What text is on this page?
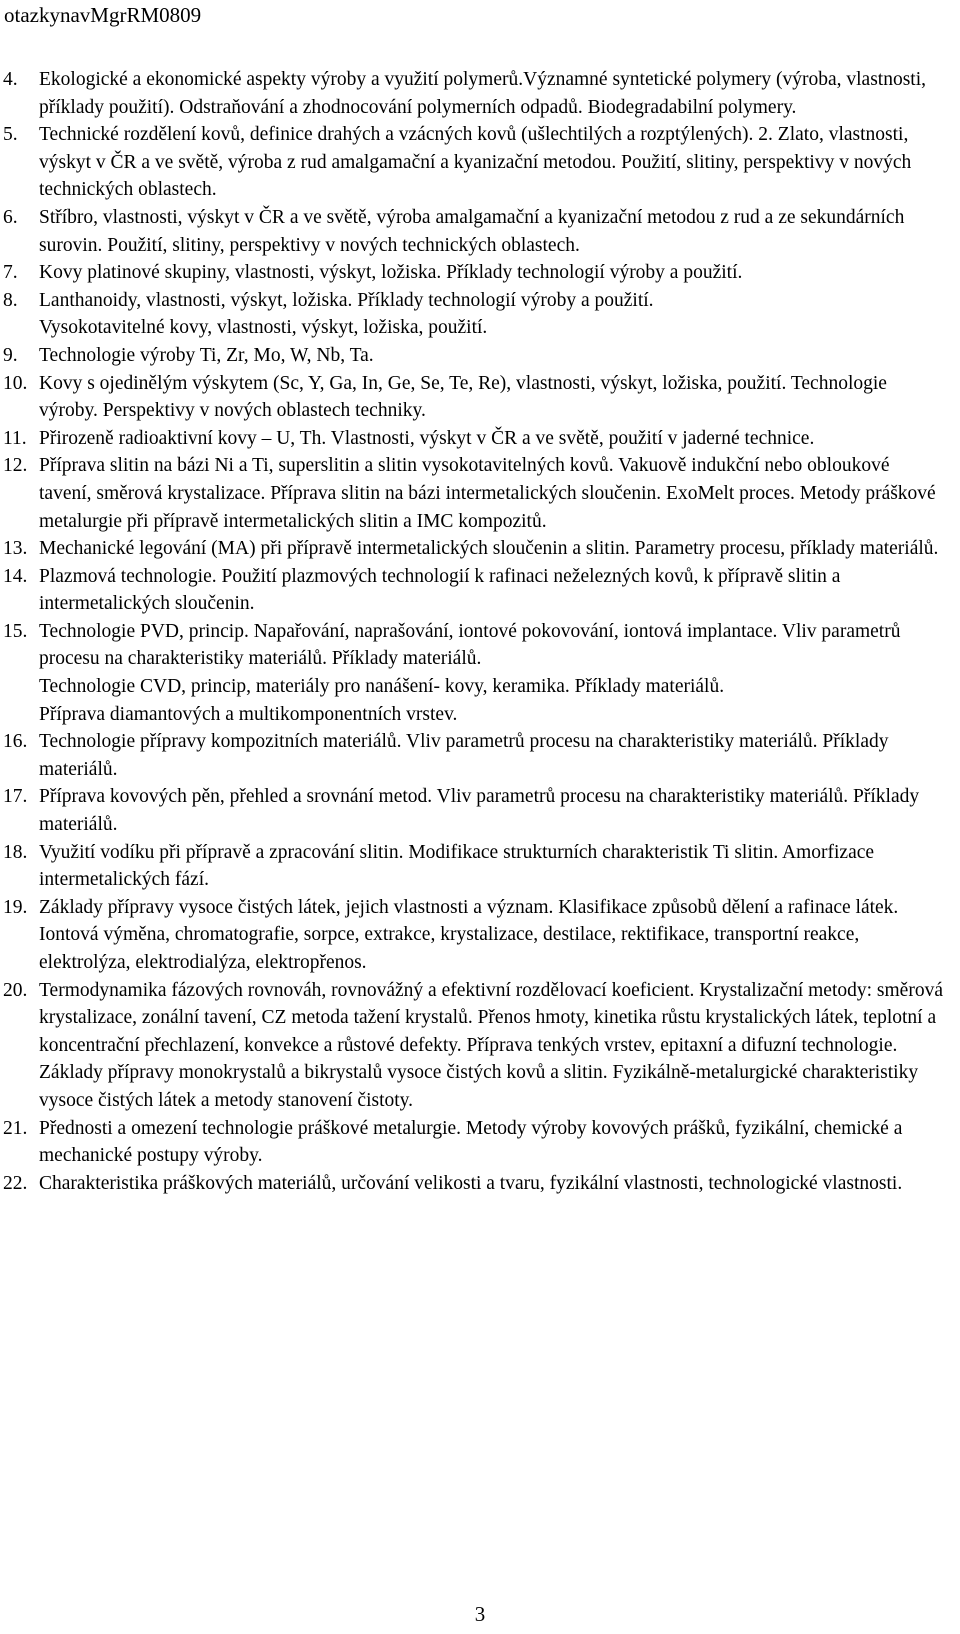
otazkynavMgrRM0809
4. Ekologické a ekonomické aspekty výroby a využití polymerů.Významné syntetické polymery (výroba, vlastnosti, příklady použití). Odstraňování a zhodnocování polymerních odpadů. Biodegradabilní polymery.
5. Technické rozdělení kovů, definice drahých a vzácných kovů (ušlechtilých a rozptýlených). 2. Zlato, vlastnosti, výskyt v ČR a ve světě, výroba z rud amalgamační a kyanizační metodou. Použití, slitiny, perspektivy v nových technických oblastech.
6. Stříbro, vlastnosti, výskyt v ČR a ve světě, výroba amalgamační a kyanizační metodou z rud a ze sekundárních surovin. Použití, slitiny, perspektivy v nových technických oblastech.
7. Kovy platinové skupiny, vlastnosti, výskyt, ložiska. Příklady technologií výroby a použití.
8. Lanthanoidy, vlastnosti, výskyt, ložiska. Příklady technologií výroby a použití.
Vysokotavitelné kovy, vlastnosti, výskyt, ložiska, použití.
9. Technologie výroby Ti, Zr, Mo, W, Nb, Ta.
10. Kovy s ojedinělým výskytem (Sc, Y, Ga, In, Ge, Se, Te, Re), vlastnosti, výskyt, ložiska, použití. Technologie výroby. Perspektivy v nových oblastech techniky.
11. Přirozeně radioaktivní kovy – U, Th. Vlastnosti, výskyt v ČR a ve světě, použití v jaderné technice.
12. Příprava slitin na bázi Ni a Ti, superslitin a slitin vysokotavitelných kovů. Vakuově indukční nebo obloukové tavení, směrová krystalizace. Příprava slitin na bázi intermetalických sloučenin. ExoMelt proces. Metody práškové metalurgie při přípravě intermetalických slitin a IMC kompozitů.
13. Mechanické legování (MA) při přípravě intermetalických sloučenin a slitin. Parametry procesu, příklady materiálů.
14. Plazmová technologie. Použití plazmových technologií k rafinaci neželezných kovů, k přípravě slitin a intermetalických sloučenin.
15. Technologie PVD, princip. Napařování, naprašování, iontové pokovování, iontová implantace. Vliv parametrů procesu na charakteristiky materiálů. Příklady materiálů.
Technologie CVD, princip, materiály pro nanášení- kovy, keramika. Příklady materiálů.
Příprava diamantových a multikomponentních vrstev.
16. Technologie přípravy kompozitních materiálů. Vliv parametrů procesu na charakteristiky materiálů. Příklady materiálů.
17. Příprava kovových pěn, přehled a srovnání metod. Vliv parametrů procesu na charakteristiky materiálů. Příklady materiálů.
18. Využití vodíku při přípravě a zpracování slitin. Modifikace strukturních charakteristik Ti slitin. Amorfizace intermetalických fází.
19. Základy přípravy vysoce čistých látek, jejich vlastnosti a význam. Klasifikace způsobů dělení a rafinace látek. Iontová výměna, chromatografie, sorpce, extrakce, krystalizace, destilace, rektifikace, transportní reakce, elektrolýza, elektrodialýza, elektropřenos.
20. Termodynamika fázových rovnováh, rovnovážný a efektivní rozdělovací koeficient. Krystalizační metody: směrová krystalizace, zonální tavení, CZ metoda tažení krystalů. Přenos hmoty, kinetika růstu krystalických látek, teplotní a koncentrační přechlazení, konvekce a růstové defekty. Příprava tenkých vrstev, epitaxní a difuzní technologie. Základy přípravy monokrystalů a bikrystalů vysoce čistých kovů a slitin. Fyzikálně-metalurgické charakteristiky vysoce čistých látek a metody stanovení čistoty.
21. Přednosti a omezení technologie práškové metalurgie. Metody výroby kovových prášků, fyzikální, chemické a mechanické postupy výroby.
22. Charakteristika práškových materiálů, určování velikosti a tvaru, fyzikální vlastnosti, technologické vlastnosti.
3
